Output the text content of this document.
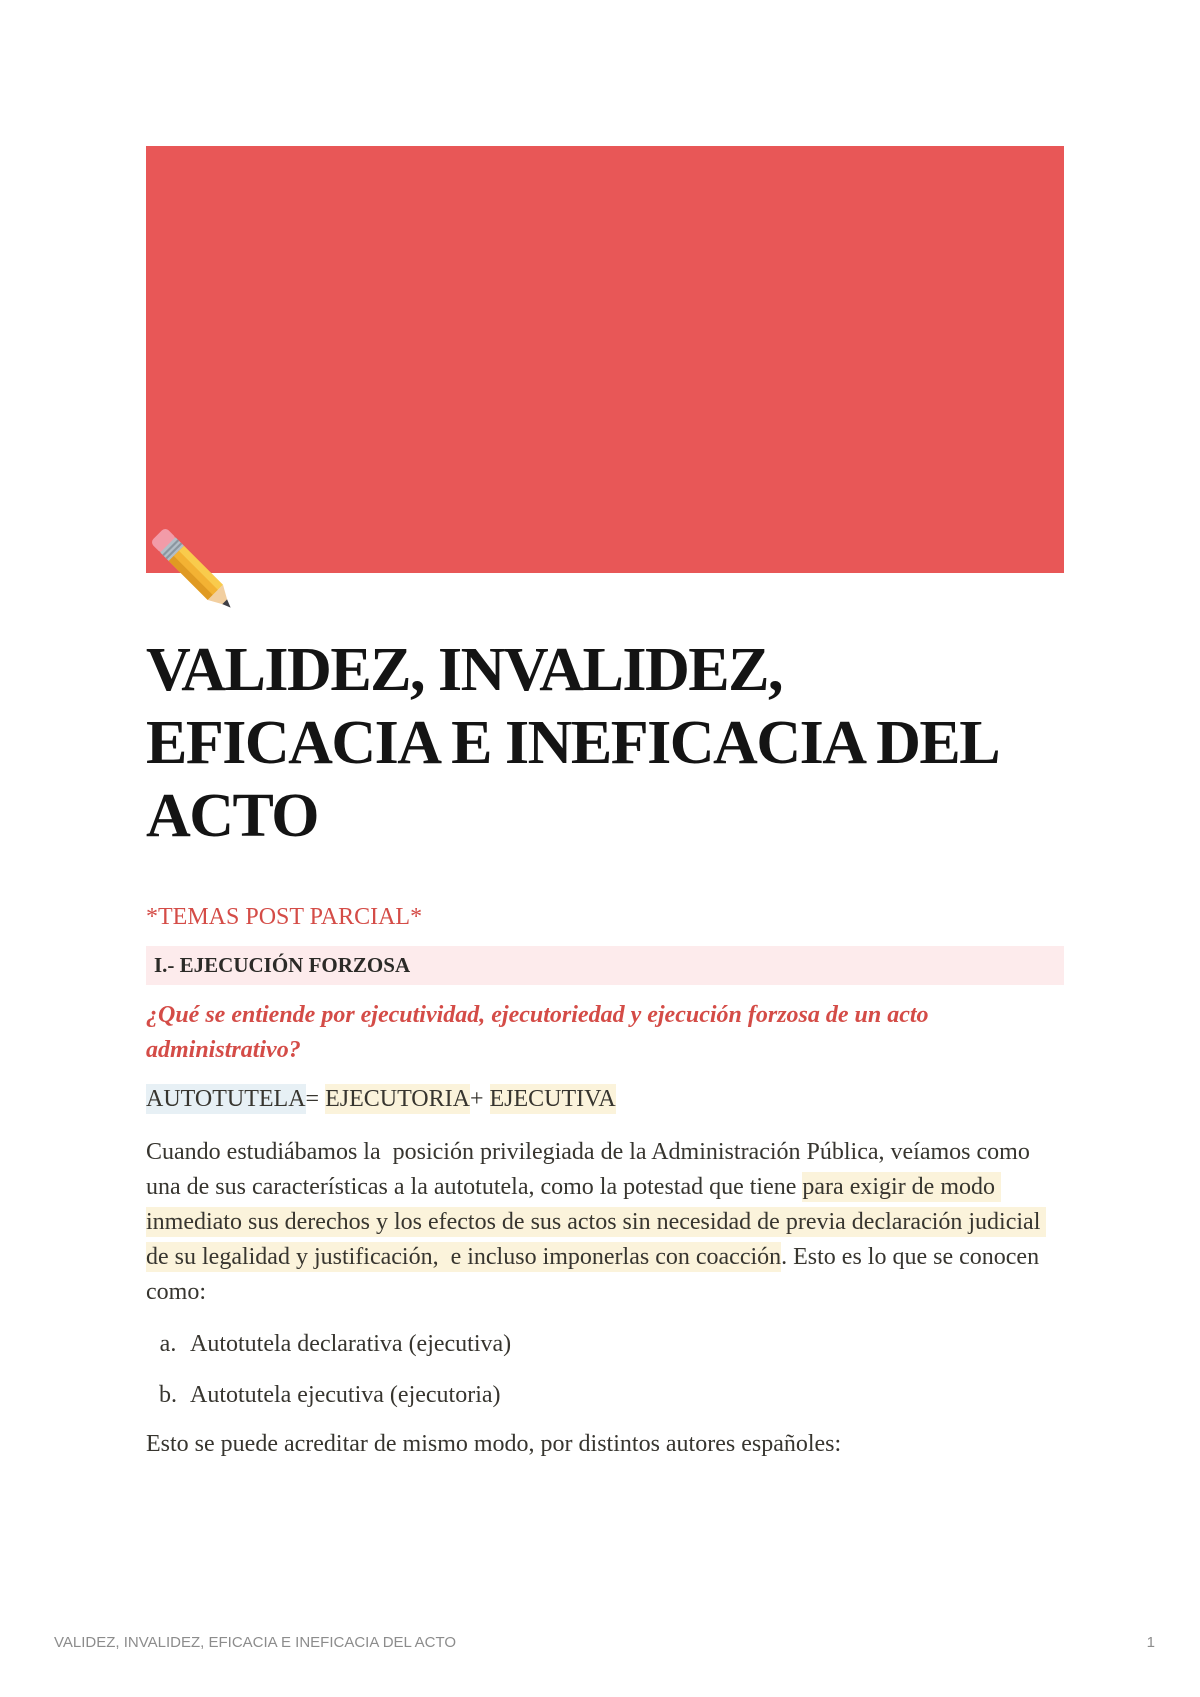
VALIDEZ, INVALIDEZ, EFICACIA E INEFICACIA DEL ACTO
*TEMAS POST PARCIAL*
I.- EJECUCIÓN FORZOSA
¿Qué se entiende por ejecutividad, ejecutoriedad y ejecución forzosa de un acto administrativo?
AUTOTUTELA= EJECUTORIA+ EJECUTIVA

Cuando estudiábamos la  posición privilegiada de la Administración Pública, veíamos como una de sus características a la autotutela, como la potestad que tiene para exigir de modo inmediato sus derechos y los efectos de sus actos sin necesidad de previa declaración judicial de su legalidad y justificación,  e incluso imponerlas con coacción. Esto es lo que se conocen como:

a. Autotutela declarativa (ejecutiva)
b. Autotutela ejecutiva (ejecutoria)

Esto se puede acreditar de mismo modo, por distintos autores españoles:

VALIDEZ, INVALIDEZ, EFICACIA E INEFICACIA DEL ACTO	1
